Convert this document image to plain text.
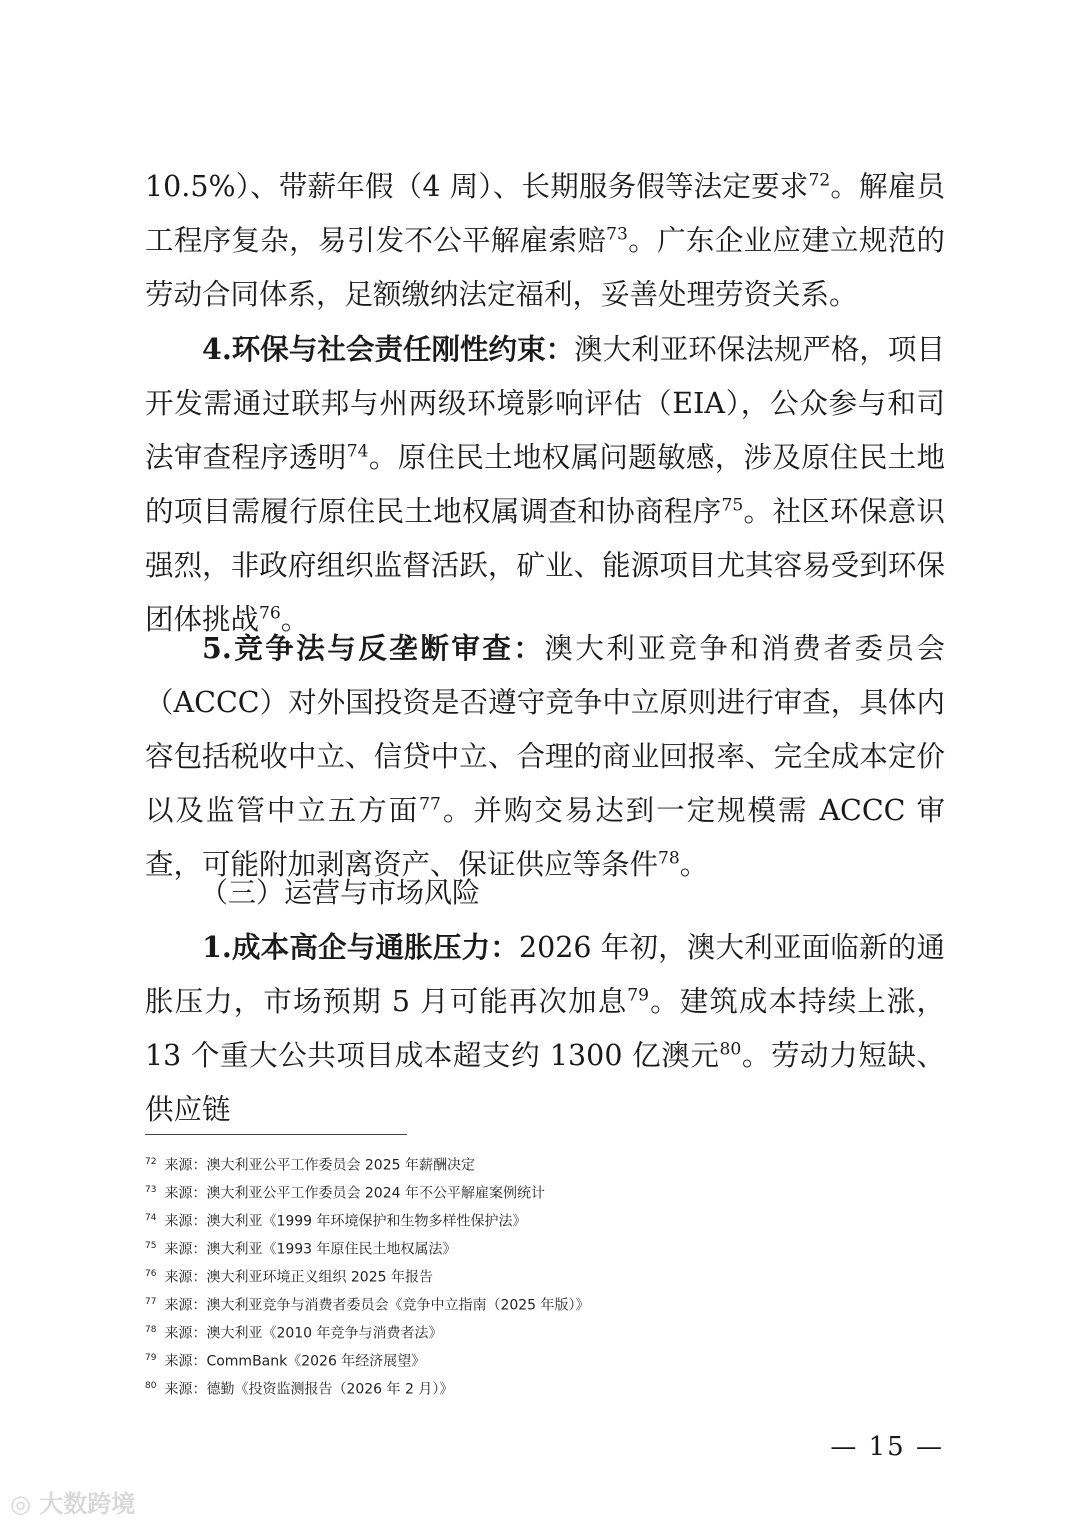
10.5%）、带薪年假（4 周）、长期服务假等法定要求$^{72}$。解雇员工程序复杂，易引发不公平解雇索赔$^{73}$。广东企业应建立规范的劳动合同体系，足额缴纳法定福利，妥善处理劳资关系。

4.环保与社会责任刚性约束：澳大利亚环保法规严格，项目开发需通过联邦与州两级环境影响评估（EIA），公众参与和司法审查程序透明$^{74}$。原住民土地权属问题敏感，涉及原住民土地的项目需履行原住民土地权属调查和协商程序$^{75}$。社区环保意识强烈，非政府组织监督活跃，矿业、能源项目尤其容易受到环保团体挑战$^{76}$。

5.竞争法与反垄断审查：澳大利亚竞争和消费者委员会（ACCC）对外国投资是否遵守竞争中立原则进行审查，具体内容包括税收中立、信贷中立、合理的商业回报率、完全成本定价以及监管中立五方面$^{77}$。并购交易达到一定规模需 ACCC 审查，可能附加剥离资产、保证供应等条件$^{78}$。

（三）运营与市场风险

1.成本高企与通胀压力：2026 年初，澳大利亚面临新的通胀压力，市场预期 5 月可能再次加息$^{79}$。建筑成本持续上涨，13 个重大公共项目成本超支约 1300 亿澳元$^{80}$。劳动力短缺、供应链

$^{72}$ 来源：澳大利亚公平工作委员会 2025 年薪酬决定
$^{73}$ 来源：澳大利亚公平工作委员会 2024 年不公平解雇案例统计
$^{74}$ 来源：澳大利亚《1999 年环境保护和生物多样性保护法》
$^{75}$ 来源：澳大利亚《1993 年原住民土地权属法》
$^{76}$ 来源：澳大利亚环境正义组织 2025 年报告
$^{77}$ 来源：澳大利亚竞争与消费者委员会《竞争中立指南（2025 年版）》
$^{78}$ 来源：澳大利亚《2010 年竞争与消费者法》
$^{79}$ 来源：CommBank《2026 年经济展望》
$^{80}$ 来源：德勤《投资监测报告（2026 年 2 月）》
— 15 —
◎ 大数跨境
